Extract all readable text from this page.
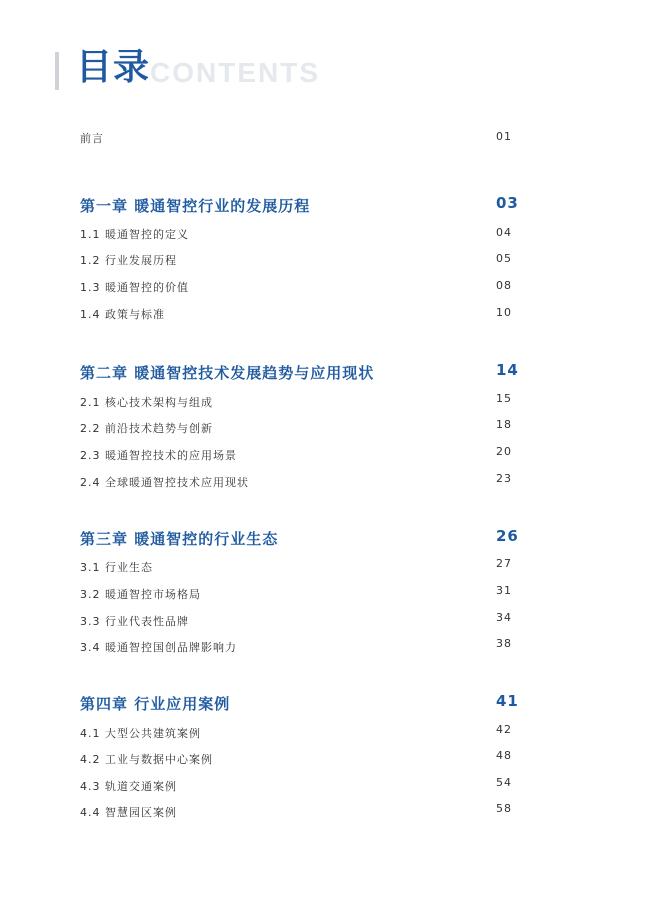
目录 CONTENTS
前言	01
第一章 暖通智控行业的发展历程	03
1.1 暖通智控的定义	04
1.2 行业发展历程	05
1.3 暖通智控的价值	08
1.4 政策与标准	10
第二章 暖通智控技术发展趋势与应用现状	14
2.1 核心技术架构与组成	15
2.2 前沿技术趋势与创新	18
2.3 暖通智控技术的应用场景	20
2.4 全球暖通智控技术应用现状	23
第三章 暖通智控的行业生态	26
3.1 行业生态	27
3.2 暖通智控市场格局	31
3.3 行业代表性品牌	34
3.4 暖通智控国创品牌影响力	38
第四章 行业应用案例	41
4.1 大型公共建筑案例	42
4.2 工业与数据中心案例	48
4.3 轨道交通案例	54
4.4 智慧园区案例	58
